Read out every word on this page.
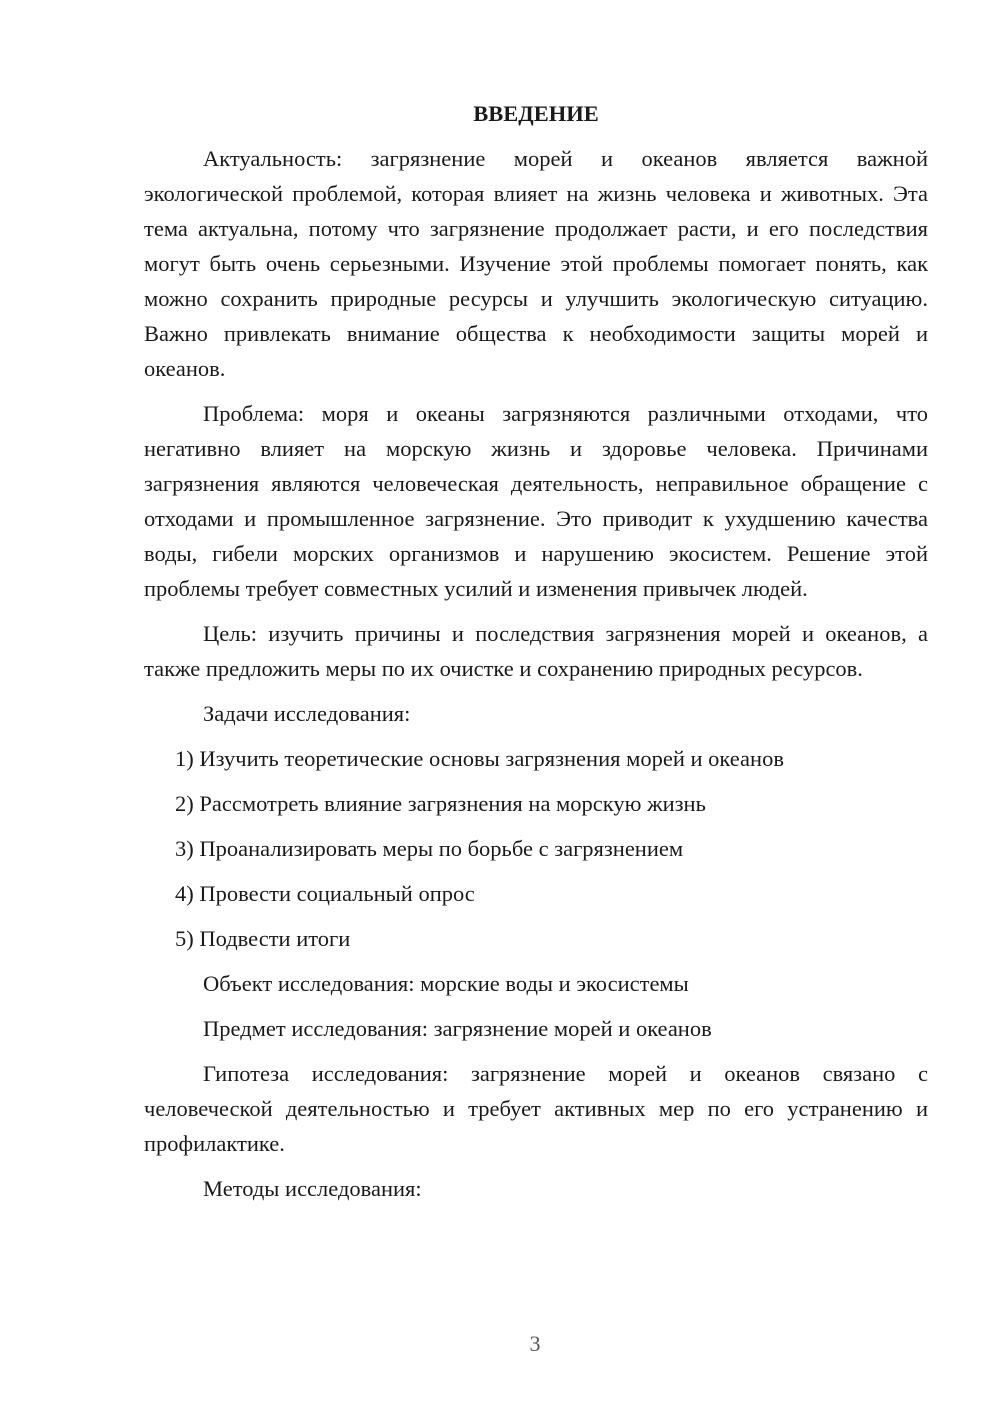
ВВЕДЕНИЕ
Актуальность: загрязнение морей и океанов является важной экологической проблемой, которая влияет на жизнь человека и животных. Эта тема актуальна, потому что загрязнение продолжает расти, и его последствия могут быть очень серьезными. Изучение этой проблемы помогает понять, как можно сохранить природные ресурсы и улучшить экологическую ситуацию. Важно привлекать внимание общества к необходимости защиты морей и океанов.
Проблема: моря и океаны загрязняются различными отходами, что негативно влияет на морскую жизнь и здоровье человека. Причинами загрязнения являются человеческая деятельность, неправильное обращение с отходами и промышленное загрязнение. Это приводит к ухудшению качества воды, гибели морских организмов и нарушению экосистем. Решение этой проблемы требует совместных усилий и изменения привычек людей.
Цель: изучить причины и последствия загрязнения морей и океанов, а также предложить меры по их очистке и сохранению природных ресурсов.
Задачи исследования:
1) Изучить теоретические основы загрязнения морей и океанов
2) Рассмотреть влияние загрязнения на морскую жизнь
3) Проанализировать меры по борьбе с загрязнением
4) Провести социальный опрос
5) Подвести итоги
Объект исследования: морские воды и экосистемы
Предмет исследования: загрязнение морей и океанов
Гипотеза исследования: загрязнение морей и океанов связано с человеческой деятельностью и требует активных мер по его устранению и профилактике.
Методы исследования:
3
